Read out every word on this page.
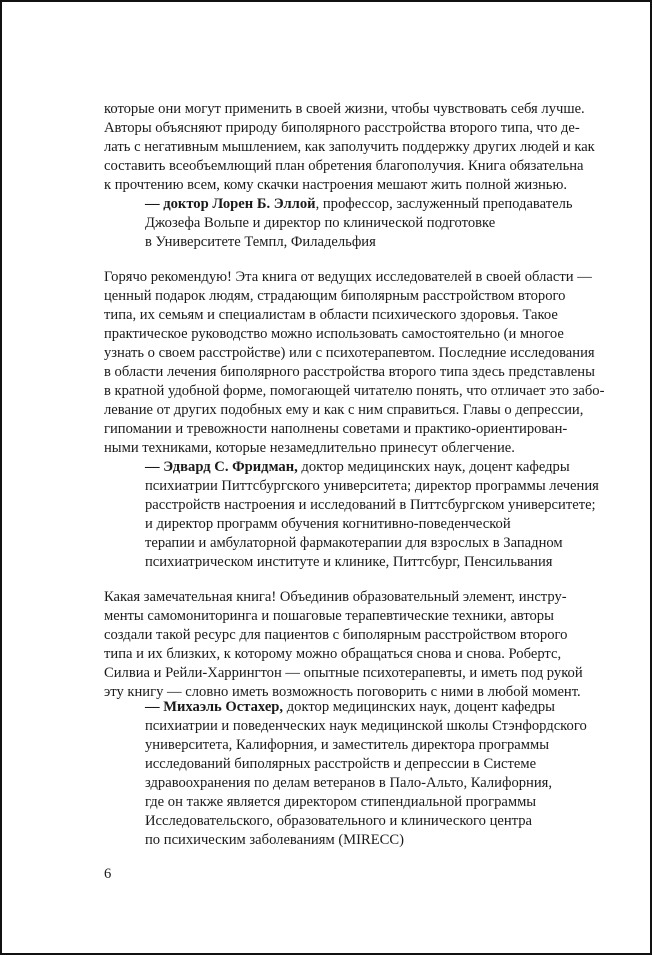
которые они могут применить в своей жизни, чтобы чувствовать себя лучше.
Авторы объясняют природу биполярного расстройства второго типа, что де-
лать с негативным мышлением, как заполучить поддержку других людей и как
составить всеобъемлющий план обретения благополучия. Книга обязательна
к прочтению всем, кому скачки настроения мешают жить полной жизнью.
— доктор Лорен Б. Эллой, профессор, заслуженный преподаватель
Джозефа Вольпе и директор по клинической подготовке
в Университете Темпл, Филадельфия
Горячо рекомендую! Эта книга от ведущих исследователей в своей области —
ценный подарок людям, страдающим биполярным расстройством второго
типа, их семьям и специалистам в области психического здоровья. Такое
практическое руководство можно использовать самостоятельно (и многое
узнать о своем расстройстве) или с психотерапевтом. Последние исследования
в области лечения биполярного расстройства второго типа здесь представлены
в кратной удобной форме, помогающей читателю понять, что отличает это забо-
левание от других подобных ему и как с ним справиться. Главы о депрессии,
гипомании и тревожности наполнены советами и практико-ориентирован-
ными техниками, которые незамедлительно принесут облегчение.
— Эдвард С. Фридман, доктор медицинских наук, доцент кафедры
психиатрии Питтсбургского университета; директор программы лечения
расстройств настроения и исследований в Питтсбургском университете;
и директор программ обучения когнитивно-поведенческой
терапии и амбулаторной фармакотерапии для взрослых в Западном
психиатрическом институте и клинике, Питтсбург, Пенсильвания
Какая замечательная книга! Объединив образовательный элемент, инстру-
менты самомониторинга и пошаговые терапевтические техники, авторы
создали такой ресурс для пациентов с биполярным расстройством второго
типа и их близких, к которому можно обращаться снова и снова. Робертс,
Силвиа и Рейли-Харрингтон — опытные психотерапевты, и иметь под рукой
эту книгу — словно иметь возможность поговорить с ними в любой момент.
— Михаэль Остахер, доктор медицинских наук, доцент кафедры
психиатрии и поведенческих наук медицинской школы Стэнфордского
университета, Калифорния, и заместитель директора программы
исследований биполярных расстройств и депрессии в Системе
здравоохранения по делам ветеранов в Пало-Альто, Калифорния,
где он также является директором стипендиальной программы
Исследовательского, образовательного и клинического центра
по психическим заболеваниям (MIRECC)
6
